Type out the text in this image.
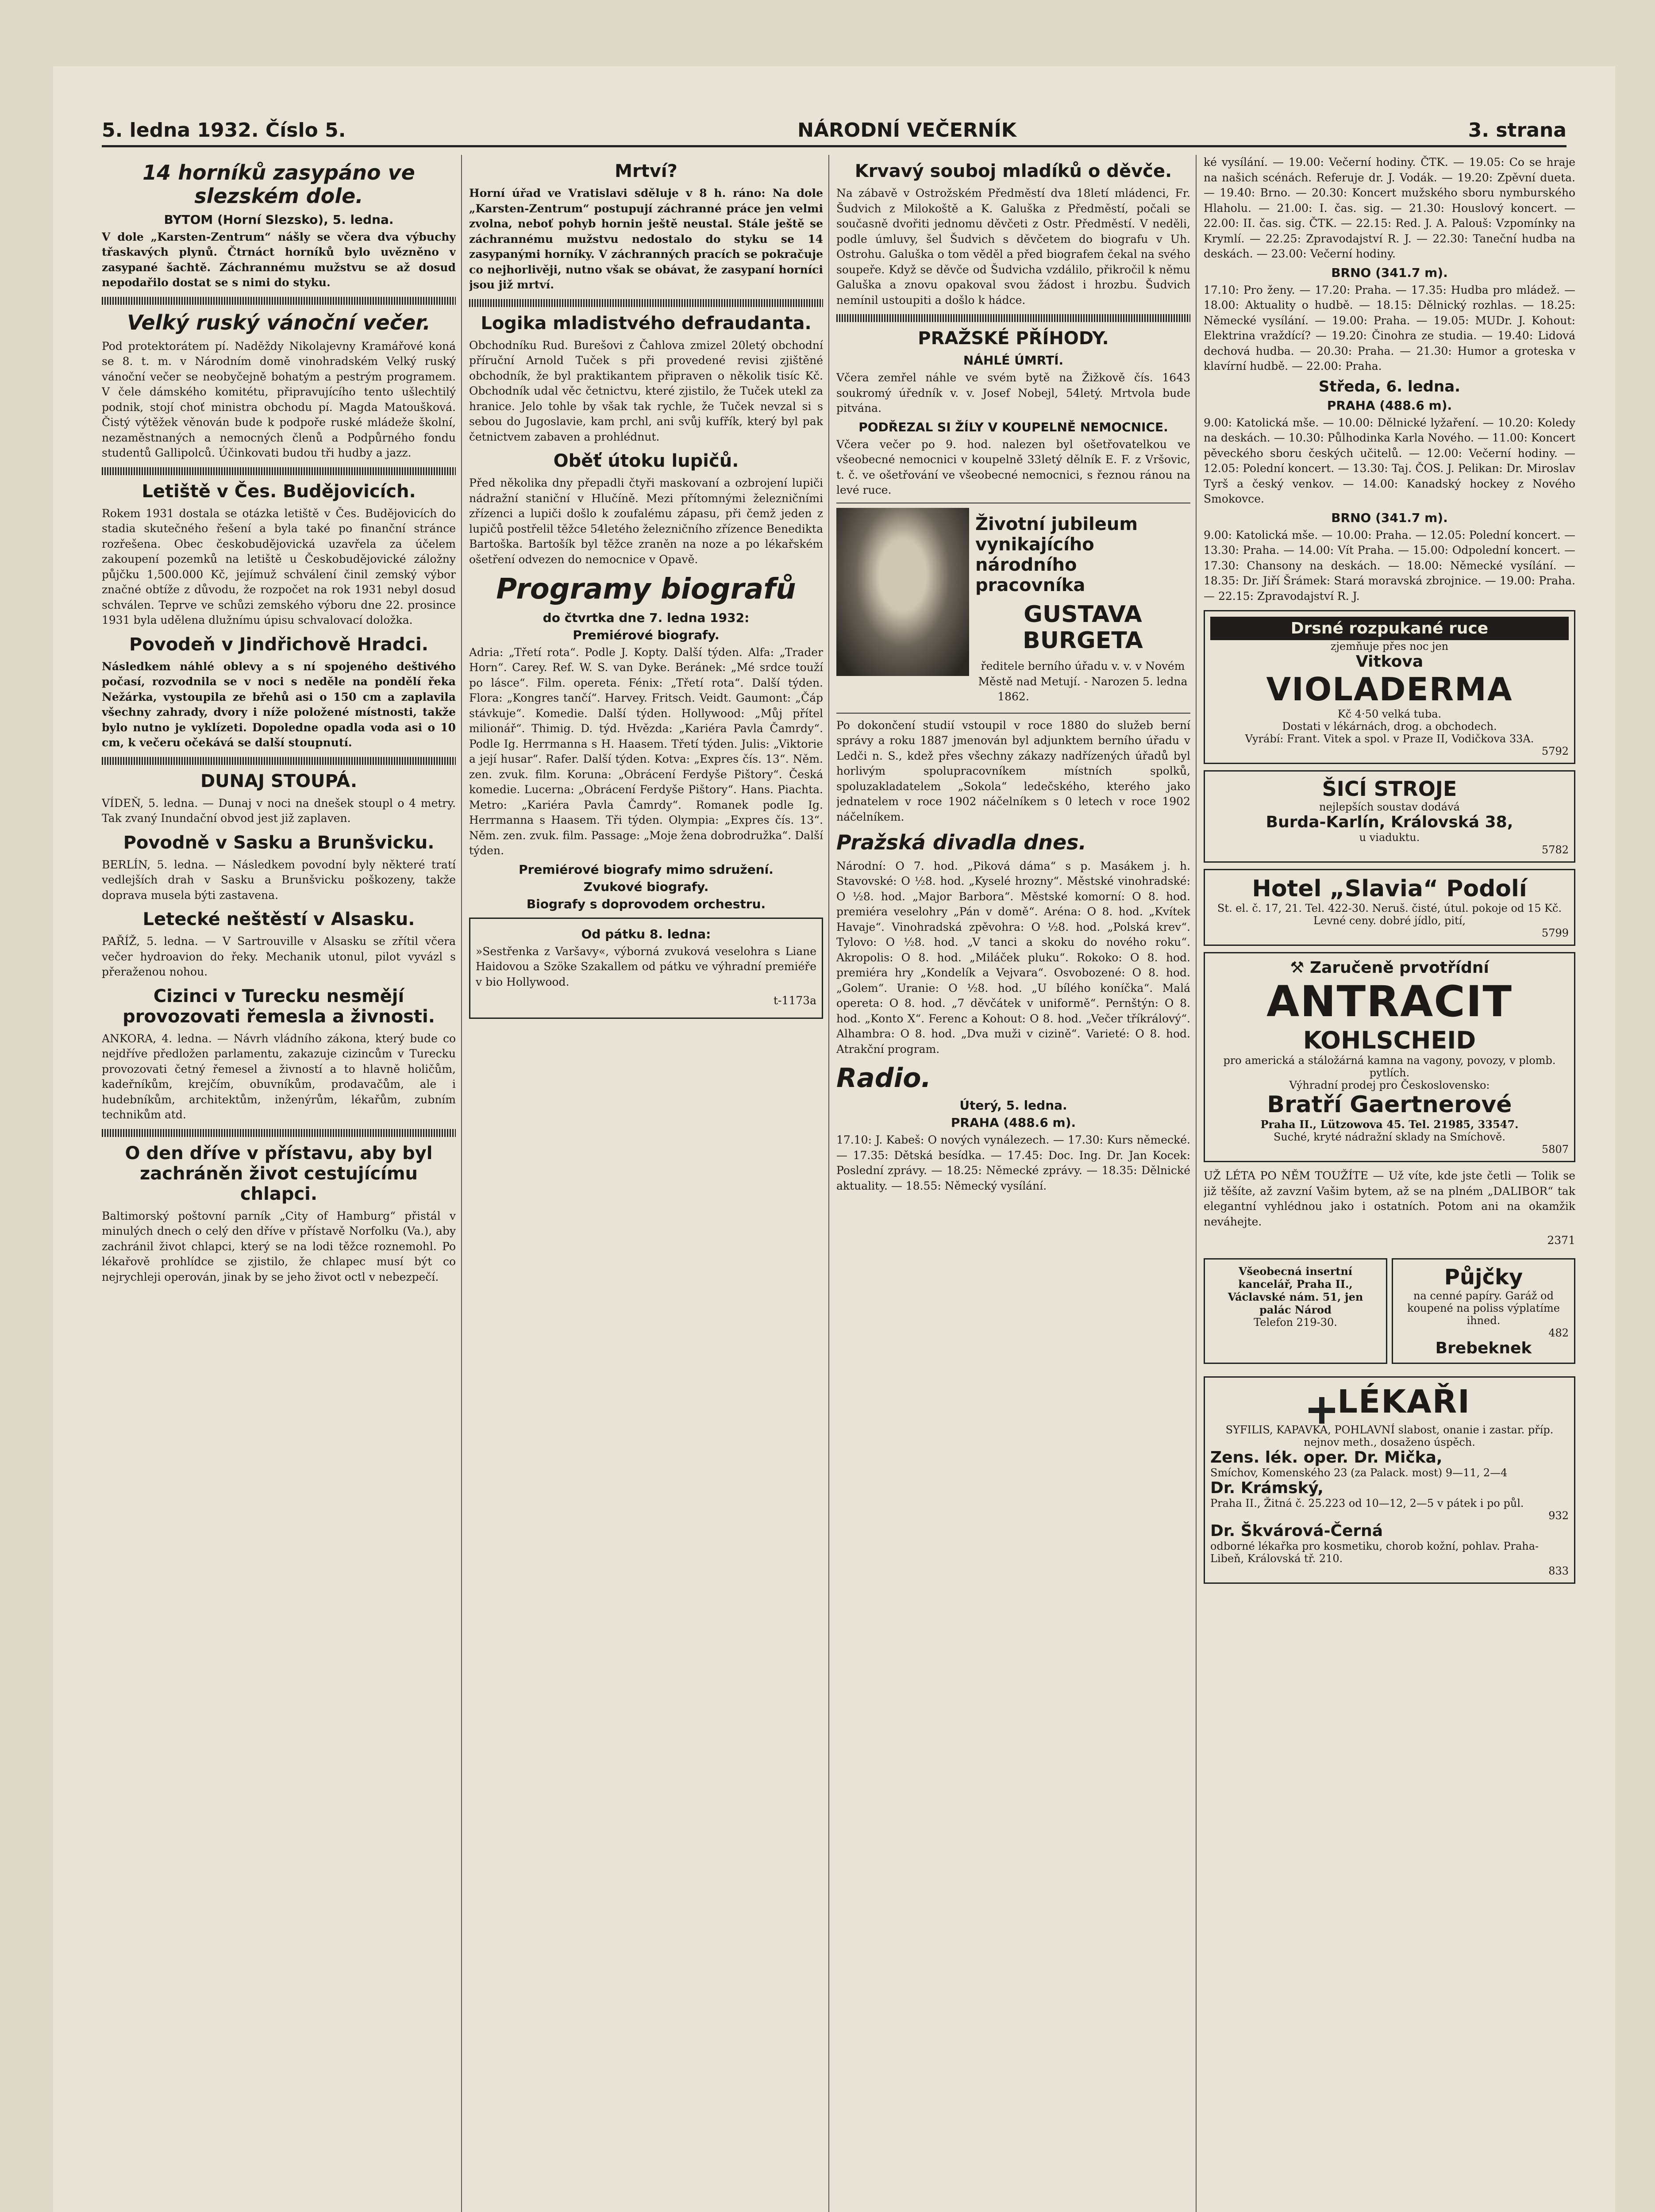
5. ledna 1932. Číslo 5.	NÁRODNÍ VEČERNÍK	3. strana
14 horníků zasypáno ve slezském dole.
BYTOM (Horní Slezsko), 5. ledna.

V dole „Karsten-Zentrum“ nášly se včera dva výbuchy třaskavých plynů. Čtrnáct horníků bylo uvězněno v zasypané šachtě. Záchrannému mužstvu se až dosud nepodařilo dostat se s nimi do styku.

Velký ruský vánoční večer.

Pod protektorátem pí. Naděždy Nikolajevny Kramářové koná se 8. t. m. v Národním domě vinohradském Velký ruský vánoční večer se neobyčejně bohatým a pestrým programem. V čele dámského komitétu, připravujícího tento ušlechtilý podnik, stojí choť ministra obchodu pí. Magda Matoušková. Čistý výtěžek věnován bude k podpoře ruské mládeže školní, nezaměstnaných a nemocných členů a Podpůrného fondu studentů Gallipolců. Účinkovati budou tři hudby a jazz.

Letiště v Čes. Budějovicích.

Rokem 1931 dostala se otázka letiště v Čes. Budějovicích do stadia skutečného řešení a byla také po finanční stránce rozřešena. Obec českobudějovická uzavřela za účelem zakoupení pozemků na letiště u Českobudějovické záložny půjčku 1,500.000 Kč, jejímuž schválení činil zemský výbor značné obtíže z důvodu, že rozpočet na rok 1931 nebyl dosud schválen. Teprve ve schůzi zemského výboru dne 22. prosince 1931 byla udělena dlužnímu úpisu schvalovací doložka.

Povodeň v Jindřichově Hradci.

Následkem náhlé oblevy a s ní spojeného deštivého počasí, rozvodnila se v noci s neděle na pondělí řeka Nežárka, vystoupila ze břehů asi o 150 cm a zaplavila všechny zahrady, dvory i níže položené místnosti, takže bylo nutno je vyklízeti. Dopoledne opadla voda asi o 10 cm, k večeru očekává se další stoupnutí.

DUNAJ STOUPÁ.

VÍDEŇ, 5. ledna. — Dunaj v noci na dnešek stoupl o 4 metry. Tak zvaný Inundační obvod jest již zaplaven.

Povodně v Sasku a Brunšvicku.

BERLÍN, 5. ledna. — Následkem povodní byly některé tratí vedlejších drah v Sasku a Brunšvicku poškozeny, takže doprava musela býti zastavena.

Letecké neštěstí v Alsasku.

PAŘÍŽ, 5. ledna. — V Sartrouville v Alsasku se zřítil včera večer hydroavion do řeky. Mechanik utonul, pilot vyvázl s přeraženou nohou.

Cizinci v Turecku nesmějí provozovati řemesla a živnosti.

ANKORA, 4. ledna. — Návrh vládního zákona, který bude co nejdříve předložen parlamentu, zakazuje cizincům v Turecku provozovati četný řemesel a živností a to hlavně holičům, kadeřníkům, krejčím, obuvníkům, prodavačům, ale i hudebníkům, architektům, inženýrům, lékařům, zubním technikům atd.

O den dříve v přístavu, aby byl zachráněn život cestujícímu chlapci.

Baltimorský poštovní parník „City of Hamburg“ přistál v minulých dnech o celý den dříve v přístavě Norfolku (Va.), aby zachránil život chlapci, který se na lodi těžce roznemohl. Po lékařově prohlídce se zjistilo, že chlapec musí být co nejrychleji operován, jinak by se jeho život octl v nebezpečí.

Mrtví?

Horní úřad ve Vratislavi sděluje v 8 h. ráno: Na dole „Karsten-Zentrum“ postupují záchranné práce jen velmi zvolna, neboť pohyb hornin ještě neustal. Stále ještě se záchrannému mužstvu nedostalo do styku se 14 zasypanými horníky. V záchranných pracích se pokračuje co nejhorlivěji, nutno však se obávat, že zasypaní horníci jsou již mrtví.

Logika mladistvého defraudanta.

Obchodníku Rud. Burešovi z Čahlova zmizel 20letý obchodní příruční Arnold Tuček s při provedené revisi zjištěné obchodník, že byl praktikantem připraven o několik tisíc Kč. Obchodník udal věc četnictvu, které zjistilo, že Tuček utekl za hranice. Jelo tohle by však tak rychle, že Tuček nevzal si s sebou do Jugoslavie, kam prchl, ani svůj kufřík, který byl pak četnictvem zabaven a prohlédnut.

Oběť útoku lupičů.

Před několika dny přepadli čtyři maskovaní a ozbrojení lupiči nádražní staniční v Hlučíně. Mezi přítomnými železničními zřízenci a lupiči došlo k zoufalému zápasu, při čemž jeden z lupičů postřelil těžce 54letého železničního zřízence Benedikta Bartoška. Bartošík byl těžce zraněn na noze a po lékařském ošetření odvezen do nemocnice v Opavě.

Programy biografů
do čtvrtka dne 7. ledna 1932:
Premiérové biografy.

Adria: „Třetí rota“. Podle J. Kopty. Další týden. Alfa: „Trader Horn“. Carey. Ref. W. S. van Dyke. Beránek: „Mé srdce touží po lásce“. Film. opereta. Fénix: „Třetí rota“. Další týden. Flora: „Kongres tančí“. Harvey. Fritsch. Veidt. Gaumont: „Čáp stávkuje“. Komedie. Další týden. Hollywood: „Můj přítel milionář“. Thimig. D. týd. Hvězda: „Kariéra Pavla Čamrdy“. Podle Ig. Herrmanna s H. Haasem. Třetí týden. Julis: „Viktorie a její husar“. Rafer. Další týden. Kotva: „Expres čís. 13“. Něm. zen. zvuk. film. Koruna: „Obrácení Ferdyše Pištory“. Česká komedie. Lucerna: „Obrácení Ferdyše Pištory“. Hans. Piachta. Metro: „Kariéra Pavla Čamrdy“. Romanek podle Ig. Herrmanna s Haasem. Tři týden. Olympia: „Expres čís. 13“. Něm. zen. zvuk. film. Passage: „Moje žena dobrodružka“. Další týden.

Premiérové biografy mimo sdružení.
Zvukové biografy.
Biografy s doprovodem orchestru.
Od pátku 8. ledna:

»Sestřenka z Varšavy«, výborná zvuková veselohra s Liane Haidovou a Szöke Szakallem od pátku ve výhradní premiéře v bio Hollywood.

t-1173a

Krvavý souboj mladíků o děvče.

Na zábavě v Ostrožském Předměstí dva 18letí mládenci, Fr. Šudvich z Milokoště a K. Galuška z Předměstí, počali se současně dvořiti jednomu děvčeti z Ostr. Předměstí. V neděli, podle úmluvy, šel Šudvich s děvčetem do biografu v Uh. Ostrohu. Galuška o tom věděl a před biografem čekal na svého soupeře. Když se děvče od Šudvicha vzdálilo, přikročil k němu Galuška a znovu opakoval svou žádost i hrozbu. Šudvich nemínil ustoupiti a došlo k hádce.

PRAŽSKÉ PŘÍHODY.
NÁHLÉ ÚMRTÍ.

Včera zemřel náhle ve svém bytě na Žižkově čís. 1643 soukromý úředník v. v. Josef Nobejl, 54letý. Mrtvola bude pitvána.

PODŘEZAL SI ŽÍLY V KOUPELNĚ NEMOCNICE.

Včera večer po 9. hod. nalezen byl ošetřovatelkou ve všeobecné nemocnici v koupelně 33letý dělník E. F. z Vršovic, t. č. ve ošetřování ve všeobecné nemocnici, s řeznou ránou na levé ruce.

Životní jubileum vynikajícího národního pracovníka
GUSTAVA BURGETA

ředitele berního úřadu v. v. v Novém Městě nad Metují. - Narozen 5. ledna 1862.

Po dokončení studií vstoupil v roce 1880 do služeb berní správy a roku 1887 jmenován byl adjunktem berního úřadu v Ledči n. S., kdež přes všechny zákazy nadřízených úřadů byl horlivým spolupracovníkem místních spolků, spoluzakladatelem „Sokola“ ledečského, kterého jako jednatelem v roce 1902 náčelníkem s 0 letech v roce 1902 náčelníkem.

Pražská divadla dnes.

Národní: O 7. hod. „Piková dáma“ s p. Masákem j. h. Stavovské: O ½8. hod. „Kyselé hrozny“. Městské vinohradské: O ½8. hod. „Major Barbora“. Městské komorní: O 8. hod. premiéra veselohry „Pán v domě“. Aréna: O 8. hod. „Kvítek Havaje“. Vinohradská zpěvohra: O ½8. hod. „Polská krev“. Tylovo: O ½8. hod. „V tanci a skoku do nového roku“. Akropolis: O 8. hod. „Miláček pluku“. Rokoko: O 8. hod. premiéra hry „Kondelík a Vejvara“. Osvobozené: O 8. hod. „Golem“. Uranie: O ½8. hod. „U bílého koníčka“. Malá opereta: O 8. hod. „7 děvčátek v uniformě“. Pernštýn: O 8. hod. „Konto X“. Ferenc a Kohout: O 8. hod. „Večer tříkrálový“. Alhambra: O 8. hod. „Dva muži v cizině“. Varieté: O 8. hod. Atrakční program.

Radio.
Úterý, 5. ledna.
PRAHA (488.6 m).

17.10: J. Kabeš: O nových vynálezech. — 17.30: Kurs německé. — 17.35: Dětská besídka. — 17.45: Doc. Ing. Dr. Jan Kocek: Poslední zprávy. — 18.25: Německé zprávy. — 18.35: Dělnické aktuality. — 18.55: Německý vysílání.

ké vysílání. — 19.00: Večerní hodiny. ČTK. — 19.05: Co se hraje na našich scénách. Referuje dr. J. Vodák. — 19.20: Zpěvní dueta. — 19.40: Brno. — 20.30: Koncert mužského sboru nymburského Hlaholu. — 21.00: I. čas. sig. — 21.30: Houslový koncert. — 22.00: II. čas. sig. ČTK. — 22.15: Red. J. A. Palouš: Vzpomínky na Krymlí. — 22.25: Zpravodajství R. J. — 22.30: Taneční hudba na deskách. — 23.00: Večerní hodiny.

BRNO (341.7 m).

17.10: Pro ženy. — 17.20: Praha. — 17.35: Hudba pro mládež. — 18.00: Aktuality o hudbě. — 18.15: Dělnický rozhlas. — 18.25: Německé vysílání. — 19.00: Praha. — 19.05: MUDr. J. Kohout: Elektrina vraždící? — 19.20: Činohra ze studia. — 19.40: Lidová dechová hudba. — 20.30: Praha. — 21.30: Humor a groteska v klavírní hudbě. — 22.00: Praha.

Středa, 6. ledna.
PRAHA (488.6 m).

9.00: Katolická mše. — 10.00: Dělnické lyžaření. — 10.20: Koledy na deskách. — 10.30: Půlhodinka Karla Nového. — 11.00: Koncert pěveckého sboru českých učitelů. — 12.00: Večerní hodiny. — 12.05: Polední koncert. — 13.30: Taj. ČOS. J. Pelikan: Dr. Miroslav Tyrš a český venkov. — 14.00: Kanadský hockey z Nového Smokovce.

BRNO (341.7 m).

9.00: Katolická mše. — 10.00: Praha. — 12.05: Polední koncert. — 13.30: Praha. — 14.00: Vít Praha. — 15.00: Odpolední koncert. — 17.30: Chansony na deskách. — 18.00: Německé vysílání. — 18.35: Dr. Jiří Šrámek: Stará moravská zbrojnice. — 19.00: Praha. — 22.15: Zpravodajství R. J.

Drsné rozpukané ruce
zjemňuje přes noc jen
Vitkova
VIOLADERMA
Kč 4·50 velká tuba.
Dostati v lékárnách, drog. a obchodech.
Vyrábí: Frant. Vitek a spol. v Praze II, Vodičkova 33A.
5792
ŠICÍ STROJE
nejlepších soustav dodává
Burda-Karlín, Královská 38,
u viaduktu.
5782
Hotel „Slavia“ Podolí
St. el. č. 17, 21. Tel. 422-30. Neruš. čisté, útul. pokoje od 15 Kč. Levné ceny. dobré jídlo, pití,
5799
⚒ Zaručeně prvotřídní
ANTRACIT
KOHLSCHEID
pro americká a stáložárná kamna na vagony, povozy, v plomb. pytlích.
Výhradní prodej pro Československo:
Bratří Gaertnerové
Praha II., Lützowova 45. Tel. 21985, 33547.
Suché, kryté nádražní sklady na Smíchově.
5807

UŽ LÉTA PO NĚM TOUŽÍTE — Už víte, kde jste četli — Tolik se již těšíte, až zavzní Vašim bytem, až se na plném „DALIBOR“ tak elegantní vyhlédnou jako i ostatních. Potom ani na okamžik neváhejte.

2371

Všeobecná insertní kancelář, Praha II., Václavské nám. 51, jen palác Národ
Telefon 219-30.
Půjčky
na cenné papíry. Garáž od koupené na poliss výplatíme ihned.
482
Brebeknek
LÉKAŘI
SYFILIS, KAPAVKA, POHLAVNÍ slabost, onanie i zastar. příp. nejnov meth., dosaženo úspěch.
Zens. lék. oper. Dr. Mička,
Smíchov, Komenského 23 (za Palack. most) 9—11, 2—4
Dr. Krámský,
Praha II., Žitná č. 25.223 od 10—12, 2—5 v pátek i po půl.
932
Dr. Škvárová-Černá
odborné lékařka pro kosmetiku, chorob kožní, pohlav. Praha-Libeň, Královská tř. 210.
833
